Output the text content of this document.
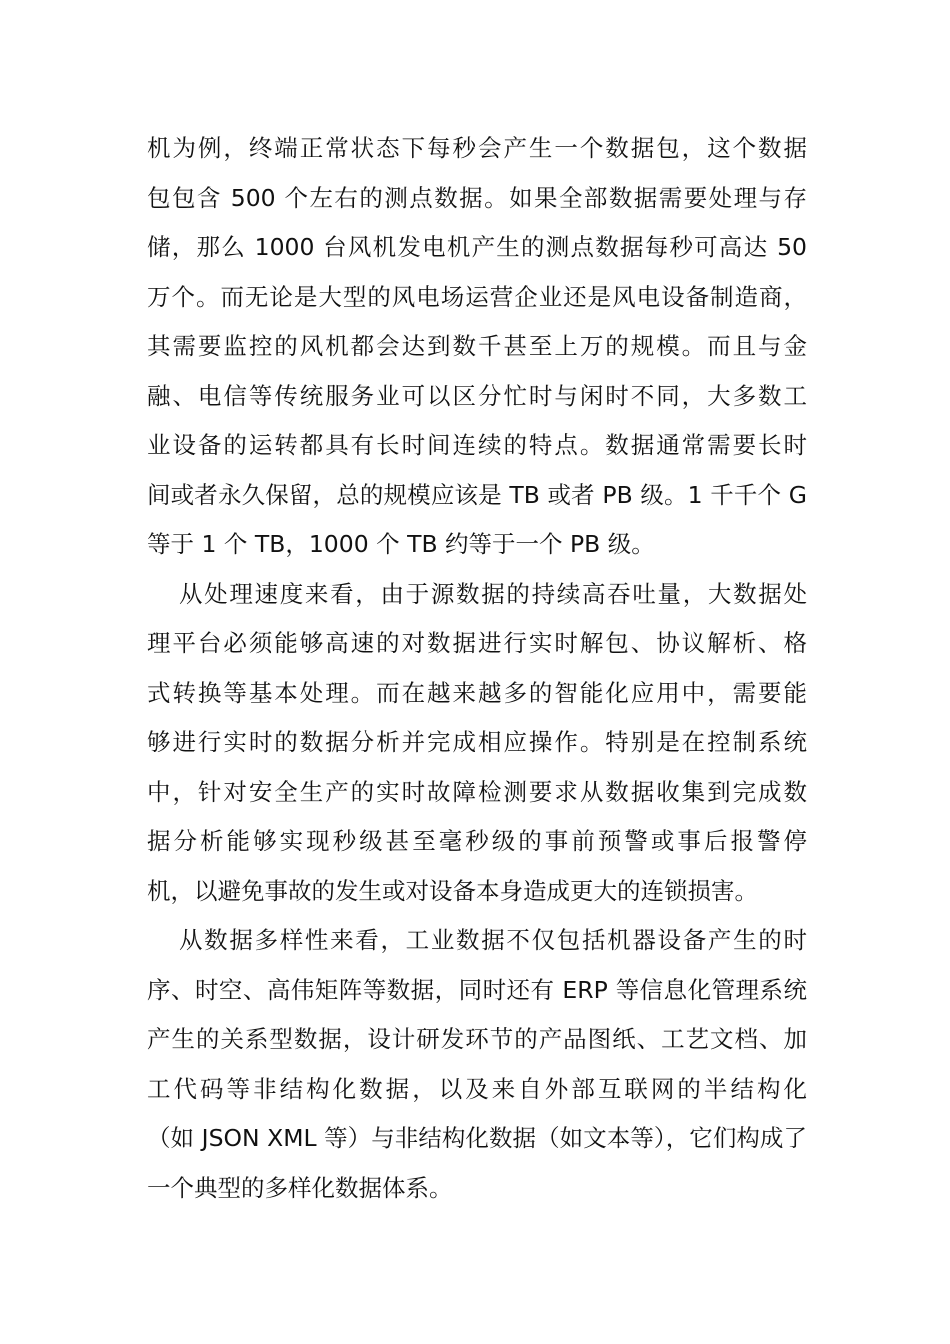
机为例，终端正常状态下每秒会产生一个数据包，这个数据
包包含 500 个左右的测点数据。如果全部数据需要处理与存
储，那么 1000 台风机发电机产生的测点数据每秒可高达 50
万个。而无论是大型的风电场运营企业还是风电设备制造商，
其需要监控的风机都会达到数千甚至上万的规模。而且与金
融、电信等传统服务业可以区分忙时与闲时不同，大多数工
业设备的运转都具有长时间连续的特点。数据通常需要长时
间或者永久保留，总的规模应该是 TB 或者 PB 级。1 千千个 G
等于 1 个 TB，1000 个 TB 约等于一个 PB 级。
从处理速度来看，由于源数据的持续高吞吐量，大数据处
理平台必须能够高速的对数据进行实时解包、协议解析、格
式转换等基本处理。而在越来越多的智能化应用中，需要能
够进行实时的数据分析并完成相应操作。特别是在控制系统
中，针对安全生产的实时故障检测要求从数据收集到完成数
据分析能够实现秒级甚至毫秒级的事前预警或事后报警停
机，以避免事故的发生或对设备本身造成更大的连锁损害。
从数据多样性来看，工业数据不仅包括机器设备产生的时
序、时空、高伟矩阵等数据，同时还有 ERP 等信息化管理系统
产生的关系型数据，设计研发环节的产品图纸、工艺文档、加
工代码等非结构化数据，以及来自外部互联网的半结构化
（如 JSON XML 等）与非结构化数据（如文本等），它们构成了
一个典型的多样化数据体系。
